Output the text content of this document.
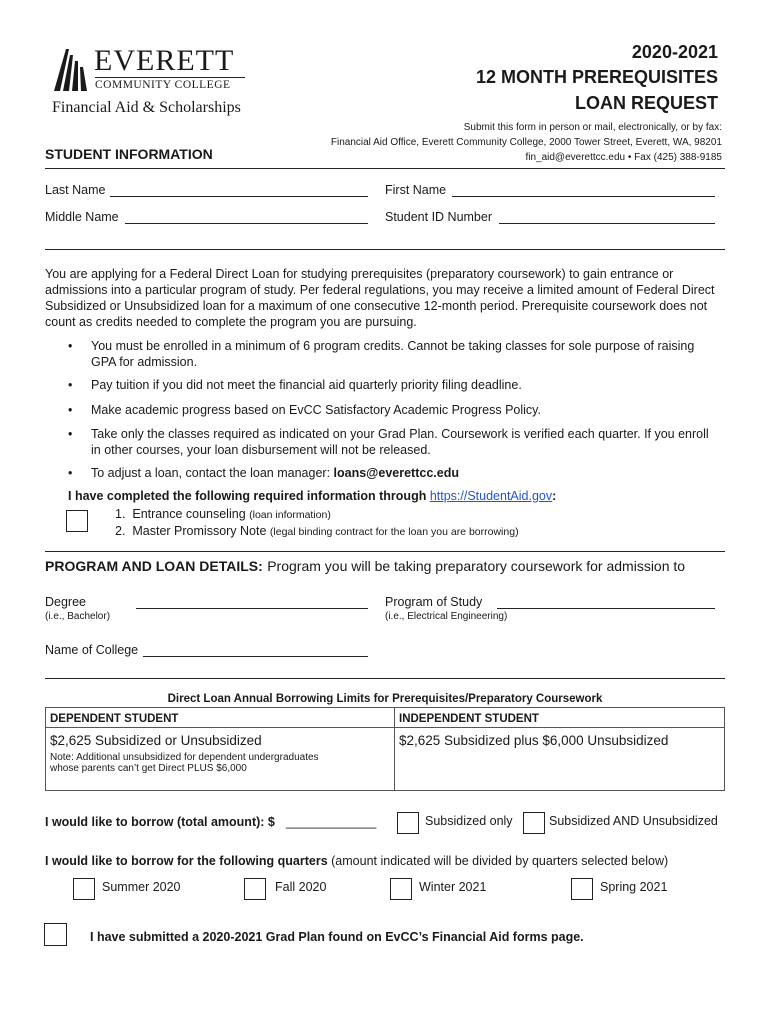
EVERETT
COMMUNITY COLLEGE
Financial Aid & Scholarships
2020-2021
12 MONTH PREREQUISITES
LOAN REQUEST
Submit this form in person or mail, electronically, or by fax:
Financial Aid Office, Everett Community College, 2000 Tower Street, Everett, WA, 98201
fin_aid@everettcc.edu • Fax (425) 388-9185
STUDENT INFORMATION
Last Name	First Name
Middle Name	Student ID Number
You are applying for a Federal Direct Loan for studying prerequisites (preparatory coursework) to gain entrance or
admissions into a particular program of study. Per federal regulations, you may receive a limited amount of Federal Direct
Subsidized or Unsubsidized loan for a maximum of one consecutive 12-month period. Prerequisite coursework does not
count as credits needed to complete the program you are pursuing.
• You must be enrolled in a minimum of 6 program credits. Cannot be taking classes for sole purpose of raising
GPA for admission.
• Pay tuition if you did not meet the financial aid quarterly priority filing deadline.
• Make academic progress based on EvCC Satisfactory Academic Progress Policy.
• Take only the classes required as indicated on your Grad Plan. Coursework is verified each quarter. If you enroll
in other courses, your loan disbursement will not be released.
• To adjust a loan, contact the loan manager: loans@everettcc.edu
I have completed the following required information through https://StudentAid.gov:
1.  Entrance counseling (loan information)
2.  Master Promissory Note (legal binding contract for the loan you are borrowing)
PROGRAM AND LOAN DETAILS: Program you will be taking preparatory coursework for admission to
Degree
(i.e., Bachelor)
Program of Study
(i.e., Electrical Engineering)
Name of College
Direct Loan Annual Borrowing Limits for Prerequisites/Preparatory Coursework
DEPENDENT STUDENT	INDEPENDENT STUDENT

$2,625 Subsidized or Unsubsidized
Note: Additional unsubsidized for dependent undergraduates
whose parents can’t get Direct PLUS $6,000	$2,625 Subsidized plus $6,000 Unsubsidized
I would like to borrow (total amount): $ _____________	Subsidized only	Subsidized AND Unsubsidized
I would like to borrow for the following quarters (amount indicated will be divided by quarters selected below)
Summer 2020	Fall 2020	Winter 2021	Spring 2021
I have submitted a 2020-2021 Grad Plan found on EvCC’s Financial Aid forms page.
